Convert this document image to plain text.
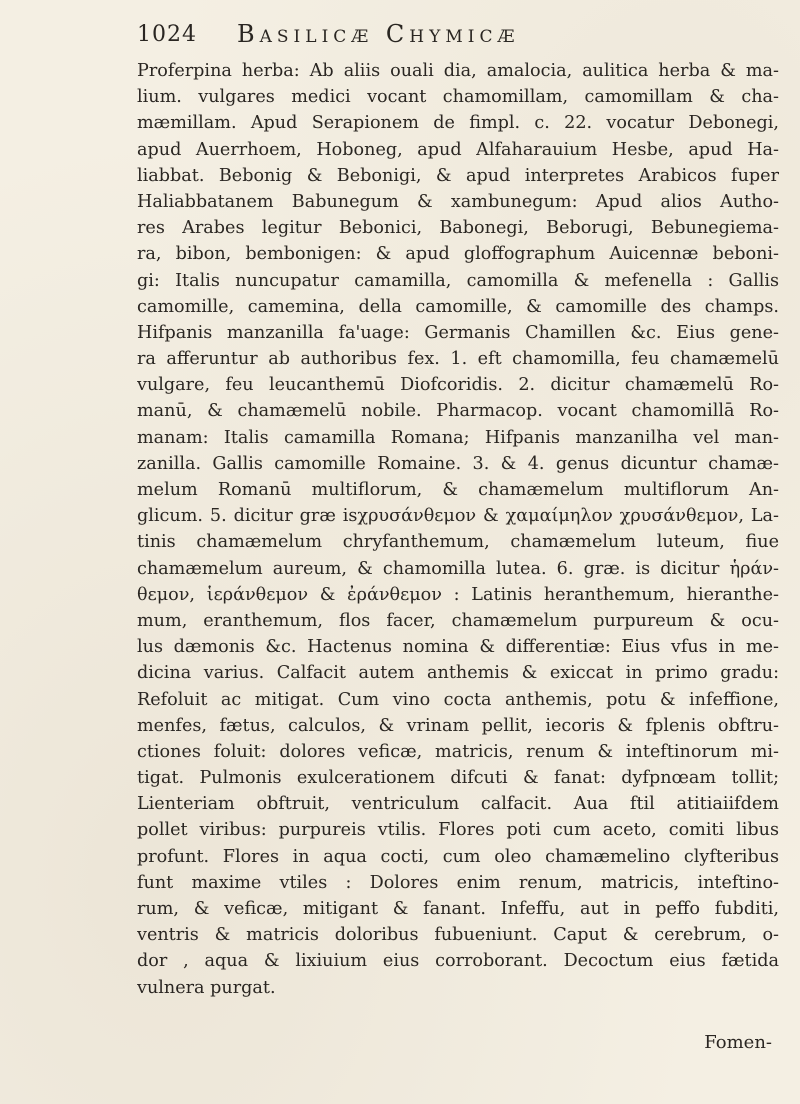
1024 Basilicæ Chymicæ
Proferpina herba: Ab aliis ouali dia, amalocia, aulitica herba & ma-
lium. vulgares medici vocant chamomillam, camomillam & cha-
mæmillam. Apud Serapionem de fimpl. c. 22. vocatur Debonegi,
apud Auerrhoem, Hoboneg, apud Alfaharauium Hesbe, apud Ha-
liabbat. Bebonig & Bebonigi, & apud interpretes Arabicos fuper
Haliabbatanem Babunegum & xambunegum: Apud alios Autho-
res Arabes legitur Bebonici, Babonegi, Beborugi, Bebunegiema-
ra, bibon, bembonigen: & apud gloffographum Auicennæ beboni-
gi: Italis nuncupatur camamilla, camomilla & mefenella : Gallis
camomille, camemina, della camomille, & camomille des champs.
Hifpanis manzanilla fa'uage: Germanis Chamillen &c. Eius gene-
ra afferuntur ab authoribus fex. 1. eft chamomilla, feu chamæmelū
vulgare, feu leucanthemū Diofcoridis. 2. dicitur chamæmelū Ro-
manū, & chamæmelū nobile. Pharmacop. vocant chamomillā Ro-
manam: Italis camamilla Romana; Hifpanis manzanilha vel man-
zanilla. Gallis camomille Romaine. 3. & 4. genus dicuntur chamæ-
melum Romanū multiflorum, & chamæmelum multiflorum An-
glicum. 5. dicitur græ isχρυσάνθεμον & χαμαίμηλον χρυσάνθεμον, La-
tinis chamæmelum chryfanthemum, chamæmelum luteum, fiue
chamæmelum aureum, & chamomilla lutea. 6. græ. is dicitur ἡράν-
θεμον, ἱεράνθεμον & ἐράνθεμον : Latinis heranthemum, hieranthe-
mum, eranthemum, flos facer, chamæmelum purpureum & ocu-
lus dæmonis &c. Hactenus nomina & differentiæ: Eius vfus in me-
dicina varius. Calfacit autem anthemis & exiccat in primo gradu:
Refoluit ac mitigat. Cum vino cocta anthemis, potu & infeffione,
menfes, fætus, calculos, & vrinam pellit, iecoris & fplenis obftru-
ctiones foluit: dolores veficæ, matricis, renum & inteftinorum mi-
tigat. Pulmonis exulcerationem difcuti & fanat: dyfpnœam tollit;
Lienteriam obftruit, ventriculum calfacit. Aua ftil atitiaiifdem
pollet viribus: purpureis vtilis. Flores poti cum aceto, comiti libus
profunt. Flores in aqua cocti, cum oleo chamæmelino clyfteribus
funt maxime vtiles : Dolores enim renum, matricis, inteftino-
rum, & veficæ, mitigant & fanant. Infeffu, aut in peffo fubditi,
ventris & matricis doloribus fubueniunt. Caput & cerebrum, o-
dor , aqua & lixiuium eius corroborant. Decoctum eius fætida
vulnera purgat.
Fomen-
